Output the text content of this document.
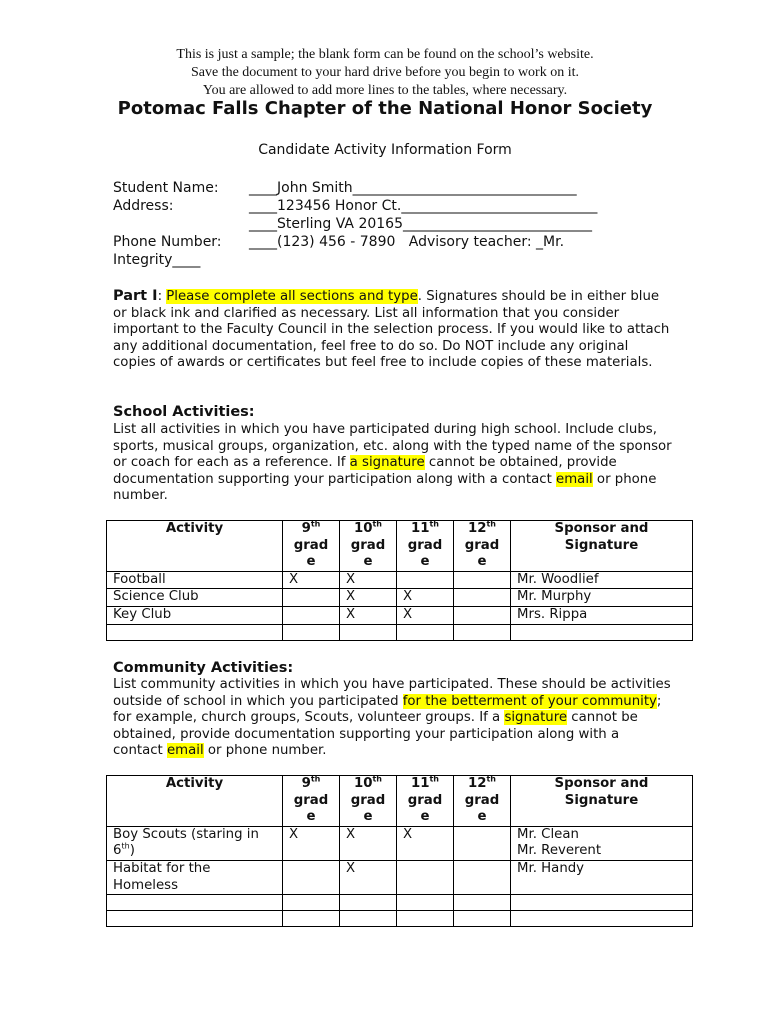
This is just a sample; the blank form can be found on the school’s website.
Save the document to your hard drive before you begin to work on it.
You are allowed to add more lines to the tables, where necessary.
Potomac Falls Chapter of the National Honor Society
Candidate Activity Information Form
Student Name: ____John Smith________________________________
Address:	____123456 Honor Ct.____________________________
____Sterling VA 20165___________________________
Phone Number: ____(123) 456 - 7890   Advisory teacher: _Mr.
Integrity____
Part I: Please complete all sections and type. Signatures should be in either blue or black ink and clarified as necessary. List all information that you consider important to the Faculty Council in the selection process. If you would like to attach any additional documentation, feel free to do so. Do NOT include any original copies of awards or certificates but feel free to include copies of these materials.
School Activities:
List all activities in which you have participated during high school. Include clubs, sports, musical groups, organization, etc. along with the typed name of the sponsor or coach for each as a reference. If a signature cannot be obtained, provide documentation supporting your participation along with a contact email or phone number.
Activity	9th grad e	10th grad e	11th grad e	12th grad e	Sponsor and Signature
Football	X	X			Mr. Woodlief
Science Club		X	X		Mr. Murphy
Key Club		X	X		Mrs. Rippa

Community Activities:
List community activities in which you have participated. These should be activities outside of school in which you participated for the betterment of your community; for example, church groups, Scouts, volunteer groups. If a signature cannot be obtained, provide documentation supporting your participation along with a contact email or phone number.
Activity	9th grad e	10th grad e	11th grad e	12th grad e	Sponsor and Signature
Boy Scouts (staring in 6th)	X	X	X		Mr. Clean
Mr. Reverent

Habitat for the Homeless		X			Mr. Handy
